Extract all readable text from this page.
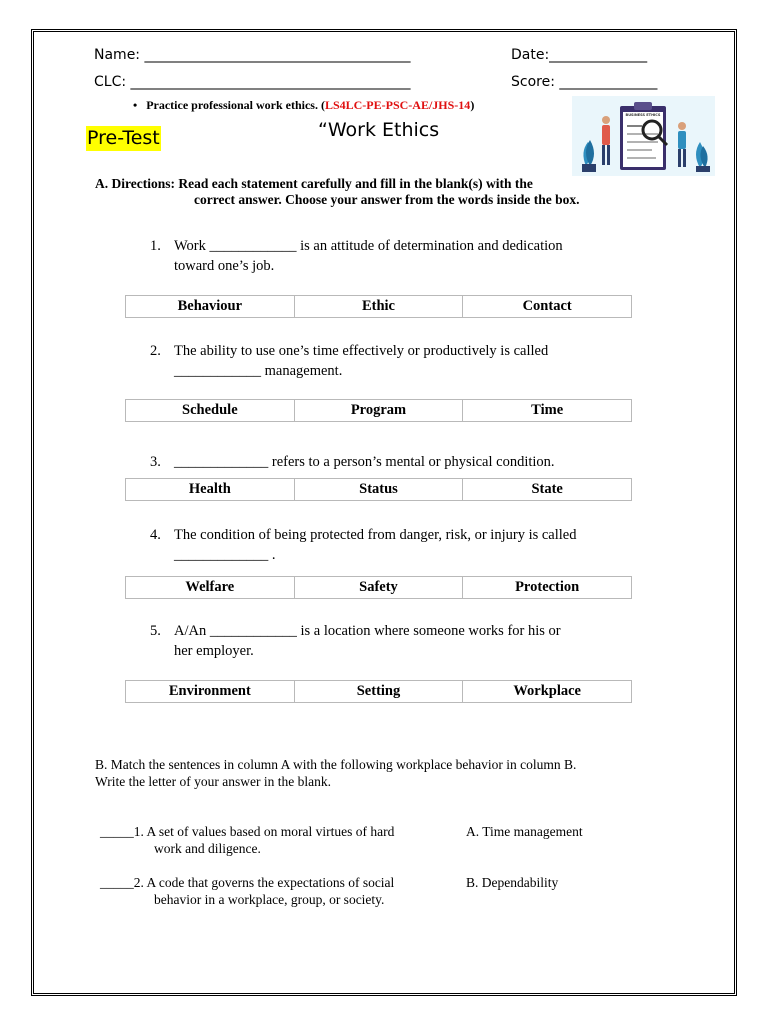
Name: ______________________________________	Date:______________
CLC: ________________________________________	Score: ______________
• Practice professional work ethics. (LS4LC-PE-PSC-AE/JHS-14)
Pre-Test	“Work Ethics
BUSINESS ETHICS
A. Directions: Read each statement carefully and fill in the blank(s) with the
correct answer. Choose your answer from the words inside the box.
1. Work ____________ is an attitude of determination and dedication
toward one’s job.
Behaviour	Ethic	Contact
2. The ability to use one’s time effectively or productively is called
____________ management.
Schedule	Program	Time
3. _____________ refers to a person’s mental or physical condition.
Health	Status	State
4. The condition of being protected from danger, risk, or injury is called
_____________ .
Welfare	Safety	Protection
5. A/An ____________ is a location where someone works for his or
her employer.
Environment	Setting	Workplace
B. Match the sentences in column A with the following workplace behavior in column B.
Write the letter of your answer in the blank.
_____1. A set of values based on moral virtues of hard
work and diligence.
A. Time management
_____2. A code that governs the expectations of social
behavior in a workplace, group, or society.
B. Dependability
